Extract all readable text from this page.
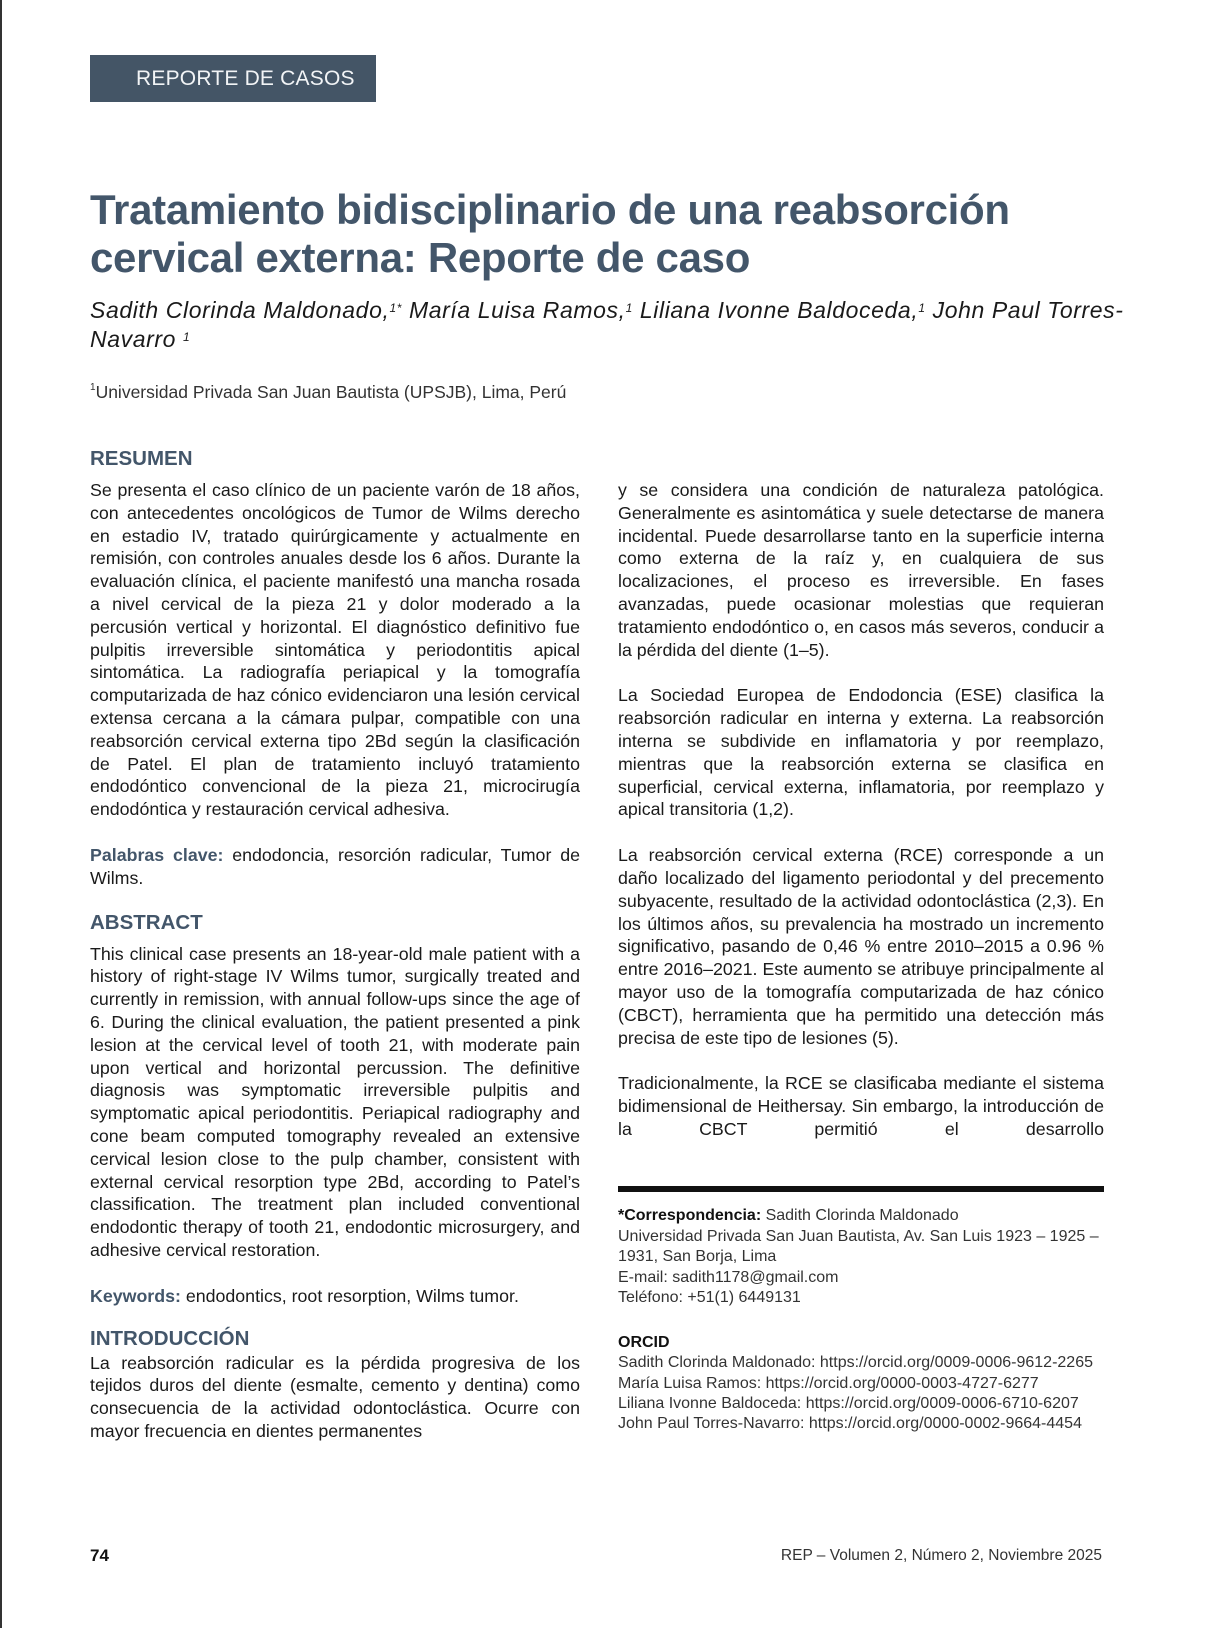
REPORTE DE CASOS
Tratamiento bidisciplinario de una reabsorción cervical externa: Reporte de caso
Sadith Clorinda Maldonado,$^{1*}$ María Luisa Ramos,$^1$ Liliana Ivonne Baldoceda,$^1$ John Paul Torres-Navarro $^1$
$^1$Universidad Privada San Juan Bautista (UPSJB), Lima, Perú
RESUMEN

Se presenta el caso clínico de un paciente varón de 18 años, con antecedentes oncológicos de Tumor de Wilms derecho en estadio IV, tratado quirúrgicamente y actualmente en remisión, con controles anuales desde los 6 años. Durante la evaluación clínica, el paciente manifestó una mancha rosada a nivel cervical de la pieza 21 y dolor moderado a la percusión vertical y horizontal. El diagnóstico definitivo fue pulpitis irreversible sintomática y periodontitis apical sintomática. La radiografía periapical y la tomografía computarizada de haz cónico evidenciaron una lesión cervical extensa cercana a la cámara pulpar, compatible con una reabsorción cervical externa tipo 2Bd según la clasificación de Patel. El plan de tratamiento incluyó tratamiento endodóntico convencional de la pieza 21, microcirugía endodóntica y restauración cervical adhesiva.

Palabras clave: endodoncia, resorción radicular, Tumor de Wilms.

ABSTRACT

This clinical case presents an 18-year-old male patient with a history of right-stage IV Wilms tumor, surgically treated and currently in remission, with annual follow-ups since the age of 6. During the clinical evaluation, the patient presented a pink lesion at the cervical level of tooth 21, with moderate pain upon vertical and horizontal percussion. The definitive diagnosis was symptomatic irreversible pulpitis and symptomatic apical periodontitis. Periapical radiography and cone beam computed tomography revealed an extensive cervical lesion close to the pulp chamber, consistent with external cervical resorption type 2Bd, according to Patel’s classification. The treatment plan included conventional endodontic therapy of tooth 21, endodontic microsurgery, and adhesive cervical restoration.

Keywords: endodontics, root resorption, Wilms tumor.

INTRODUCCIÓN

La reabsorción radicular es la pérdida progresiva de los tejidos duros del diente (esmalte, cemento y dentina) como consecuencia de la actividad odontoclástica. Ocurre con mayor frecuencia en dientes permanentes

y se considera una condición de naturaleza patológica. Generalmente es asintomática y suele detectarse de manera incidental. Puede desarrollarse tanto en la superficie interna como externa de la raíz y, en cualquiera de sus localizaciones, el proceso es irreversible. En fases avanzadas, puede ocasionar molestias que requieran tratamiento endodóntico o, en casos más severos, conducir a la pérdida del diente (1–5).

La Sociedad Europea de Endodoncia (ESE) clasifica la reabsorción radicular en interna y externa. La reabsorción interna se subdivide en inflamatoria y por reemplazo, mientras que la reabsorción externa se clasifica en superficial, cervical externa, inflamatoria, por reemplazo y apical transitoria (1,2).

La reabsorción cervical externa (RCE) corresponde a un daño localizado del ligamento periodontal y del precemento subyacente, resultado de la actividad odontoclástica (2,3). En los últimos años, su prevalencia ha mostrado un incremento significativo, pasando de 0,46 % entre 2010–2015 a 0.96 % entre 2016–2021. Este aumento se atribuye principalmente al mayor uso de la tomografía computarizada de haz cónico (CBCT), herramienta que ha permitido una detección más precisa de este tipo de lesiones (5).

Tradicionalmente, la RCE se clasificaba mediante el sistema bidimensional de Heithersay. Sin embargo, la introducción de la CBCT permitió el desarrollo

*Correspondencia: Sadith Clorinda Maldonado
Universidad Privada San Juan Bautista, Av. San Luis 1923 – 1925 – 1931, San Borja, Lima
E-mail: sadith1178@gmail.com
Teléfono: +51(1) 6449131
ORCID
Sadith Clorinda Maldonado: https://orcid.org/0009-0006-9612-2265
María Luisa Ramos: https://orcid.org/0000-0003-4727-6277
Liliana Ivonne Baldoceda: https://orcid.org/0009-0006-6710-6207
John Paul Torres-Navarro: https://orcid.org/0000-0002-9664-4454
74	REP – Volumen 2, Número 2, Noviembre 2025
